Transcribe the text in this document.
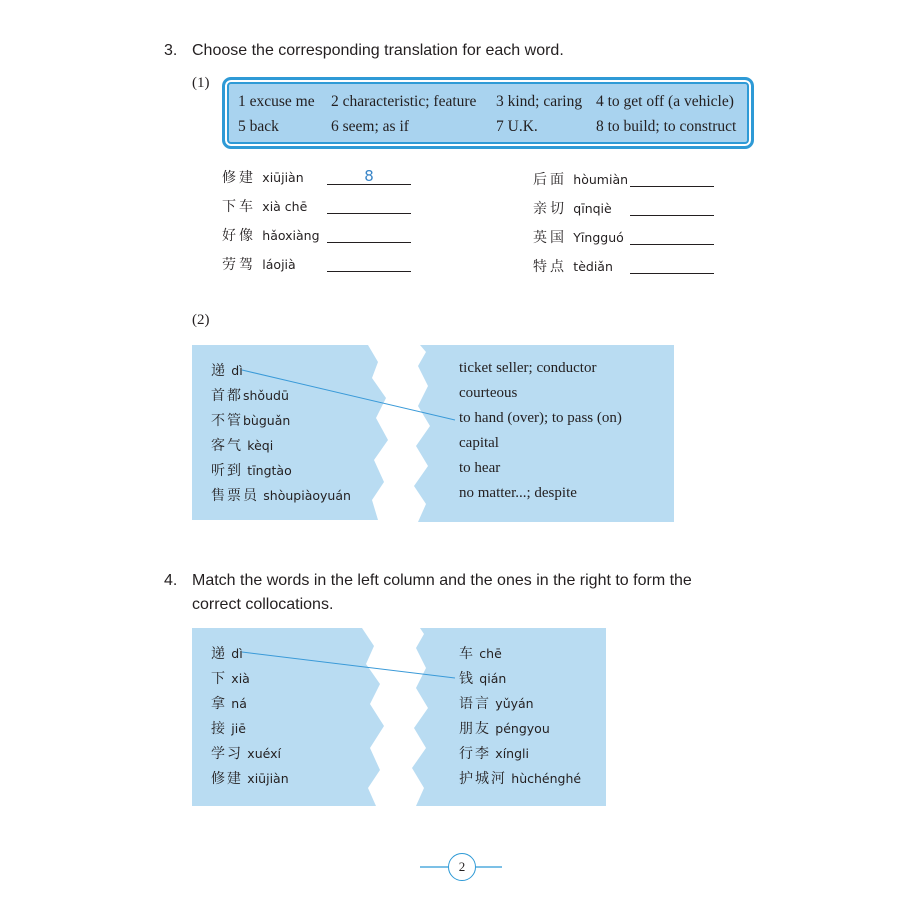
3. Choose the corresponding translation for each word.
(1)
1 excuse me 2 characteristic; feature 3 kind; caring 4 to get off (a vehicle)
5 back	6 seem; as if	7 U.K.	8 to build; to construct
修建 xiūjiàn	8
下车 xià chē
好像 hǎoxiàng
劳驾 láojià
后面 hòumiàn
亲切 qīnqiè
英国 Yīngguó
特点 tèdiǎn
(2)
递 dì
首都shǒudū
不管bùguǎn
客气 kèqi
听到 tīngtào
售票员 shòupiàoyuán
ticket seller; conductor
courteous
to hand (over); to pass (on)
capital
to hear
no matter...; despite
4. Match the words in the left column and the ones in the right to form the
correct collocations.
递 dì
下 xià
拿 ná
接 jiē
学习 xuéxí
修建 xiūjiàn
车 chē
钱 qián
语言 yǔyán
朋友 péngyou
行李 xíngli
护城河 hùchénghé
2
